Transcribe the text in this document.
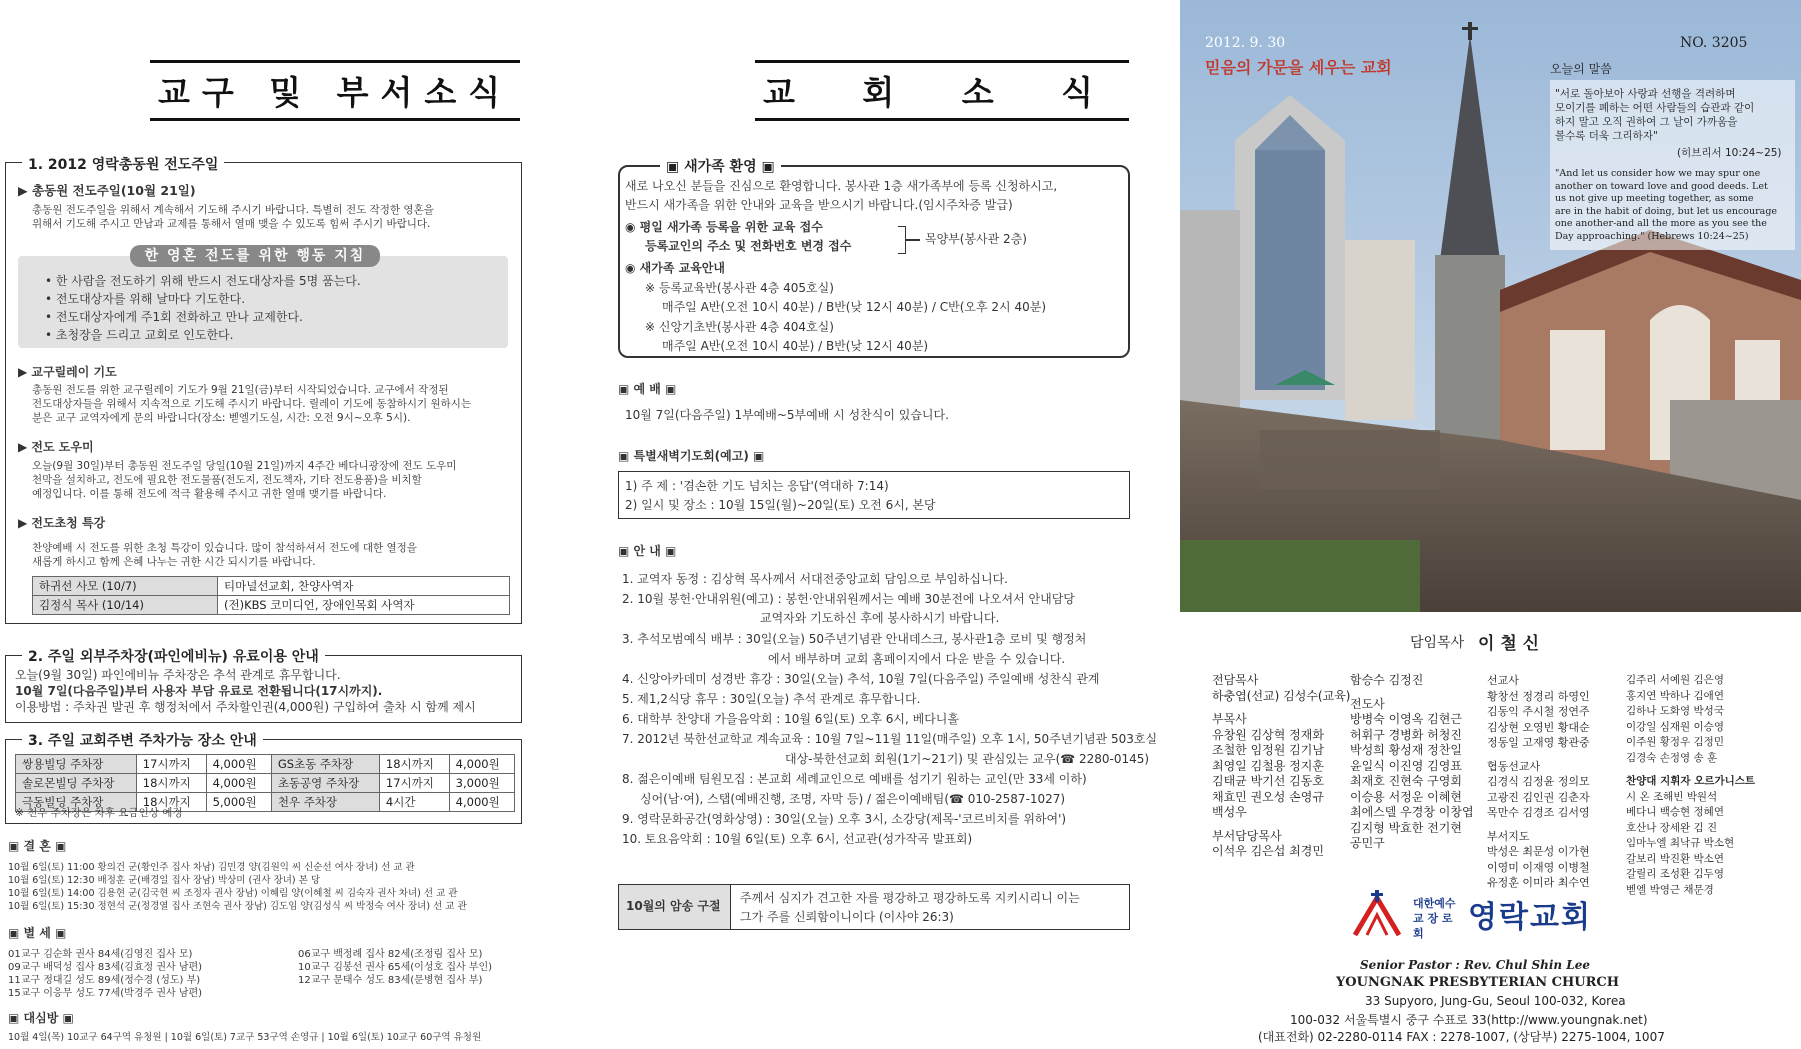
교구 및 부서소식
1. 2012 영락총동원 전도주일
▶ 총동원 전도주일(10월 21일)
총동원 전도주일을 위해서 계속해서 기도해 주시기 바랍니다. 특별히 전도 작정한 영혼을
위해서 기도해 주시고 만남과 교제를 통해서 열매 맺을 수 있도록 힘써 주시기 바랍니다.
한 영혼 전도를 위한 행동 지침
• 한 사람을 전도하기 위해 반드시 전도대상자를 5명 품는다.
• 전도대상자를 위해 날마다 기도한다.
• 전도대상자에게 주1회 전화하고 만나 교제한다.
• 초청장을 드리고 교회로 인도한다.
▶ 교구릴레이 기도
총동원 전도를 위한 교구릴레이 기도가 9월 21일(금)부터 시작되었습니다. 교구에서 작정된
전도대상자들을 위해서 지속적으로 기도해 주시기 바랍니다. 릴레이 기도에 동참하시기 원하시는
분은 교구 교역자에게 문의 바랍니다(장소: 벧엘기도실, 시간: 오전 9시~오후 5시).
▶ 전도 도우미
오늘(9월 30일)부터 총동원 전도주일 당일(10월 21일)까지 4주간 베다니광장에 전도 도우미
천막을 설치하고, 전도에 필요한 전도물품(전도지, 전도책자, 기타 전도용품)을 비치할
예정입니다. 이를 통해 전도에 적극 활용해 주시고 귀한 열매 맺기를 바랍니다.
▶ 전도초청 특강
찬양예배 시 전도를 위한 초청 특강이 있습니다. 많이 참석하셔서 전도에 대한 열정을
새롭게 하시고 함께 은혜 나누는 귀한 시간 되시기를 바랍니다.
하귀선 사모 (10/7)	티마널선교회, 찬양사역자
김정식 목사 (10/14)	(전)KBS 코미디언, 장애인목회 사역자
2. 주일 외부주차장(파인에비뉴) 유료이용 안내
오늘(9월 30일) 파인에비뉴 주차장은 추석 관계로 휴무합니다.
10월 7일(다음주일)부터 사용자 부담 유료로 전환됩니다(17시까지).
이용방법 : 주차권 발권 후 행정처에서 주차할인권(4,000원) 구입하여 출차 시 함께 제시
3. 주일 교회주변 주차가능 장소 안내
쌍용빌딩 주차장	17시까지	4,000원	GS초동 주차장	18시까지	4,000원
솔로몬빌딩 주차장	18시까지	4,000원	초동공영 주차장	17시까지	3,000원
극동빌딩 주차장	18시까지	5,000원	천우 주차장	4시간	4,000원
※ 천우 주차장은 차후 요금인상 예정
▣ 결 혼 ▣
10월 6일(토) 11:00 황의건 군(황인주 집사 차남) 김민경 양(김원익 씨 신순선 여사 장녀) 선 교 관
10월 6일(토) 12:30 배정훈 군(배경일 집사 장남) 박상미 (권사 장녀) 본 당
10월 6일(토) 14:00 김용현 군(김국현 씨 조정자 권사 장남) 이혜림 양(이혜철 씨 김숙자 권사 차녀) 선 교 관
10월 6일(토) 15:30 정현석 군(정경열 집사 조현숙 권사 장남) 김도임 양(김성식 씨 박정숙 여사 장녀) 선 교 관
▣ 별 세 ▣
01교구 김순화 권사 84세(김영진 집사 모)	06교구 백정례 집사 82세(조정림 집사 모)
09교구 배덕성 집사 83세(김효정 권사 남편)	10교구 김봉선 권사 65세(이성호 집사 부인)
11교구 정대길 성도 89세(정수경 (성도) 부)	12교구 문태수 성도 83세(문병현 집사 부)
15교구 이응무 성도 77세(박경주 권사 남편)
▣ 대심방 ▣
10월 4일(목) 10교구 64구역 유청원 | 10월 6일(토) 7교구 53구역 손영규 | 10월 6일(토) 10교구 60구역 유청원
교 회 소 식
▣ 새가족 환영 ▣
새로 나오신 분들을 진심으로 환영합니다. 봉사관 1층 새가족부에 등록 신청하시고,
반드시 새가족을 위한 안내와 교육을 받으시기 바랍니다.(임시주차증 발급)
◉ 평일 새가족 등록을 위한 교육 접수
등록교인의 주소 및 전화번호 변경 접수	목양부(봉사관 2층)
◉ 새가족 교육안내
※ 등록교육반(봉사관 4층 405호실)
매주일 A반(오전 10시 40분) / B반(낮 12시 40분) / C반(오후 2시 40분)
※ 신앙기초반(봉사관 4층 404호실)
매주일 A반(오전 10시 40분) / B반(낮 12시 40분)
▣ 예 배 ▣
10월 7일(다음주일) 1부예배~5부예배 시 성찬식이 있습니다.
▣ 특별새벽기도회(예고) ▣
1) 주 제 : '겸손한 기도 넘치는 응답'(역대하 7:14)
2) 일시 및 장소 : 10월 15일(월)~20일(토) 오전 6시, 본당
▣ 안 내 ▣
1. 교역자 동정 : 김상혁 목사께서 서대전중앙교회 담임으로 부임하십니다.
2. 10월 봉헌·안내위원(예고) : 봉헌·안내위원께서는 예배 30분전에 나오셔서 안내담당
교역자와 기도하신 후에 봉사하시기 바랍니다.
3. 추석모범예식 배부 : 30일(오늘) 50주년기념관 안내데스크, 봉사관1층 로비 및 행정처
에서 배부하며 교회 홈페이지에서 다운 받을 수 있습니다.
4. 신앙아카데미 성경반 휴강 : 30일(오늘) 추석, 10월 7일(다음주일) 주일예배 성찬식 관계
5. 제1,2식당 휴무 : 30일(오늘) 추석 관계로 휴무합니다.
6. 대학부 찬양대 가을음악회 : 10월 6일(토) 오후 6시, 베다니홀
7. 2012년 북한선교학교 계속교육 : 10월 7일~11월 11일(매주일) 오후 1시, 50주년기념관 503호실
대상-북한선교회 회원(1기~21기) 및 관심있는 교우(☎ 2280-0145)
8. 젊은이예배 팀원모집 : 본교회 세례교인으로 예배를 섬기기 원하는 교인(만 33세 이하)
싱어(남·여), 스탭(예배진행, 조명, 자막 등) / 젊은이예배팀(☎ 010-2587-1027)
9. 영락문화공간(영화상영) : 30일(오늘) 오후 3시, 소강당(제목-'코르비치를 위하여')
10. 토요음악회 : 10월 6일(토) 오후 6시, 선교관(성가작곡 발표회)
10월의 암송 구절
주께서 심지가 견고한 자를 평강하고 평강하도록 지키시리니 이는
그가 주를 신뢰함이니이다 (이사야 26:3)
2012. 9. 30
믿음의 가문을 세우는 교회
NO. 3205
오늘의 말씀
"서로 돌아보아 사랑과 선행을 격려하며
모이기를 폐하는 어떤 사람들의 습관과 같이
하지 말고 오직 권하여 그 날이 가까움을
볼수록 더욱 그리하자"
(히브리서 10:24~25)
"And let us consider how we may spur one
another on toward love and good deeds. Let
us not give up meeting together, as some
are in the habit of doing, but let us encourage
one another-and all the more as you see the
Day approaching." (Hebrews 10:24~25)
담임목사 이 철 신
전담목사
하충엽(선교) 김성수(교육)
부목사
유창원 김상혁 정재화
조철한 임정원 김기남
최영일 김철용 정지훈
김태균 박기선 김동호
채효민 권오성 손영규
백성우
부서담당목사
이석우 김은섭 최경민
함승수 김정진
전도사
방병숙 이영옥 김현근
허휘구 경병화 허청진
박성희 황성재 정찬일
윤일식 이진영 김영표
최재호 진현숙 구영회
이승용 서정운 이혜현
최에스델 우경창 이창엽
김지형 박효한 전기현
공민구
선교사
황창선 정경리 하영인
김동익 주시철 정연주
김상현 오영빈 황대순
정동일 고재영 황관중
협동선교사
김경식 김정윤 정의모
고광진 김인권 김춘자
목만수 김경조 김서영
부서지도
박성은 최문성 이가현
이영미 이재영 이병철
유정훈 이미라 최수연
김주리 서예원 김은영
홍지연 박하나 김애연
김하나 도화영 박성국
이강일 심재원 이승영
이주원 황정우 김정민
김경숙 손정영 송 훈
찬양대 지휘자 오르가니스트
시 온 조해빈 박원석
베다니 백승현 정혜연
호산나 장세완 김 진
임마누엘 최낙규 박소현
갈보리 박진환 박소연
갈릴리 조성환 김두영
벧엘 박영근 채문경
대한예수교 장 로 회	영락교회
Senior Pastor : Rev. Chul Shin Lee
YOUNGNAK PRESBYTERIAN CHURCH
33 Supyoro, Jung-Gu, Seoul 100-032, Korea
100-032 서울특별시 중구 수표로 33(http://www.youngnak.net)
(대표전화) 02-2280-0114 FAX : 2278-1007, (상담부) 2275-1004, 1007
